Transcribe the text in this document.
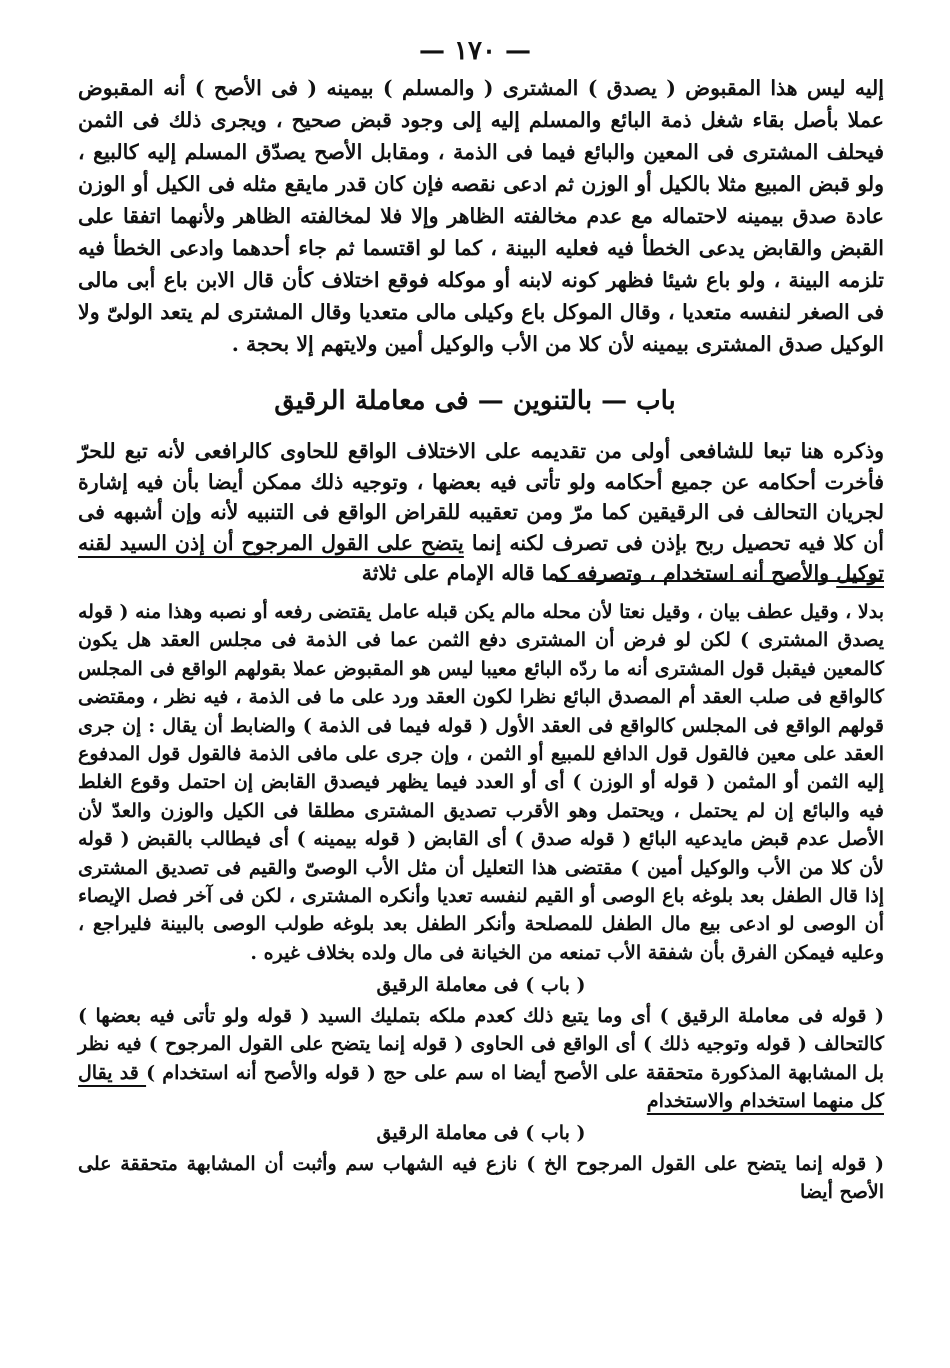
— ١٧٠ —
إليه ليس هذا المقبوض ( يصدق ) المشترى ( والمسلم ) بيمينه ( فى الأصح ) أنه المقبوض عملا بأصل بقاء شغل ذمة البائع والمسلم إليه إلى وجود قبض صحيح ، ويجرى ذلك فى الثمن فيحلف المشترى فى المعين والبائع فيما فى الذمة ، ومقابل الأصح يصدّق المسلم إليه كالبيع ، ولو قبض المبيع مثلا بالكيل أو الوزن ثم ادعى نقصه فإن كان قدر مايقع مثله فى الكيل أو الوزن عادة صدق بيمينه لاحتماله مع عدم مخالفته الظاهر وإلا فلا لمخالفته الظاهر ولأنهما اتفقا على القبض والقابض يدعى الخطأ فيه فعليه البينة ، كما لو اقتسما ثم جاء أحدهما وادعى الخطأ فيه تلزمه البينة ، ولو باع شيئا فظهر كونه لابنه أو موكله فوقع اختلاف كأن قال الابن باع أبى مالى فى الصغر لنفسه متعديا ، وقال الموكل باع وكيلى مالى متعديا وقال المشترى لم يتعد الولىّ ولا الوكيل صدق المشترى بيمينه لأن كلا من الأب والوكيل أمين ولايتهم إلا بحجة .
باب — بالتنوين — فى معاملة الرقيق
وذكره هنا تبعا للشافعى أولى من تقديمه على الاختلاف الواقع للحاوى كالرافعى لأنه تبع للحرّ فأخرت أحكامه عن جميع أحكامه ولو تأتى فيه بعضها ، وتوجيه ذلك ممكن أيضا بأن فيه إشارة لجريان التحالف فى الرقيقين كما مرّ ومن تعقيبه للقراض الواقع فى التنبيه لأنه وإن أشبهه فى أن كلا فيه تحصيل ربح بإذن فى تصرف لكنه إنما يتضح على القول المرجوح أن إذن السيد لقنه توكيل والأصح أنه استخدام ، وتصرفه كما قاله الإمام على ثلاثة
بدلا ، وقيل عطف بيان ، وقيل نعتا لأن محله مالم يكن قبله عامل يقتضى رفعه أو نصبه وهذا منه ( قوله يصدق المشترى ) لكن لو فرض أن المشترى دفع الثمن عما فى الذمة فى مجلس العقد هل يكون كالمعين فيقبل قول المشترى أنه ما ردّه البائع معيبا ليس هو المقبوض عملا بقولهم الواقع فى المجلس كالواقع فى صلب العقد أم المصدق البائع نظرا لكون العقد ورد على ما فى الذمة ، فيه نظر ، ومقتضى قولهم الواقع فى المجلس كالواقع فى العقد الأول ( قوله فيما فى الذمة ) والضابط أن يقال : إن جرى العقد على معين فالقول قول الدافع للمبيع أو الثمن ، وإن جرى على مافى الذمة فالقول قول المدفوع إليه الثمن أو المثمن ( قوله أو الوزن ) أى أو العدد فيما يظهر فيصدق القابض إن احتمل وقوع الغلط فيه والبائع إن لم يحتمل ، ويحتمل وهو الأقرب تصديق المشترى مطلقا فى الكيل والوزن والعدّ لأن الأصل عدم قبض مايدعيه البائع ( قوله صدق ) أى القابض ( قوله بيمينه ) أى فيطالب بالقبض ( قوله لأن كلا من الأب والوكيل أمين ) مقتضى هذا التعليل أن مثل الأب الوصىّ والقيم فى تصديق المشترى إذا قال الطفل بعد بلوغه باع الوصى أو القيم لنفسه تعديا وأنكره المشترى ، لكن فى آخر فصل الإيصاء أن الوصى لو ادعى بيع مال الطفل للمصلحة وأنكر الطفل بعد بلوغه طولب الوصى بالبينة فليراجع ، وعليه فيمكن الفرق بأن شفقة الأب تمنعه من الخيانة فى مال ولده بخلاف غيره .
( باب ) فى معاملة الرقيق
( قوله فى معاملة الرقيق ) أى وما يتبع ذلك كعدم ملكه بتمليك السيد ( قوله ولو تأتى فيه بعضها ) كالتحالف ( قوله وتوجيه ذلك ) أى الواقع فى الحاوى ( قوله إنما يتضح على القول المرجوح ) فيه نظر بل المشابهة المذكورة متحققة على الأصح أيضا اه سم على حج ( قوله والأصح أنه استخدام ) قد يقال كل منهما استخدام والاستخدام
( باب ) فى معاملة الرقيق
( قوله إنما يتضح على القول المرجوح الخ ) نازع فيه الشهاب سم وأثبت أن المشابهة متحققة على الأصح أيضا
